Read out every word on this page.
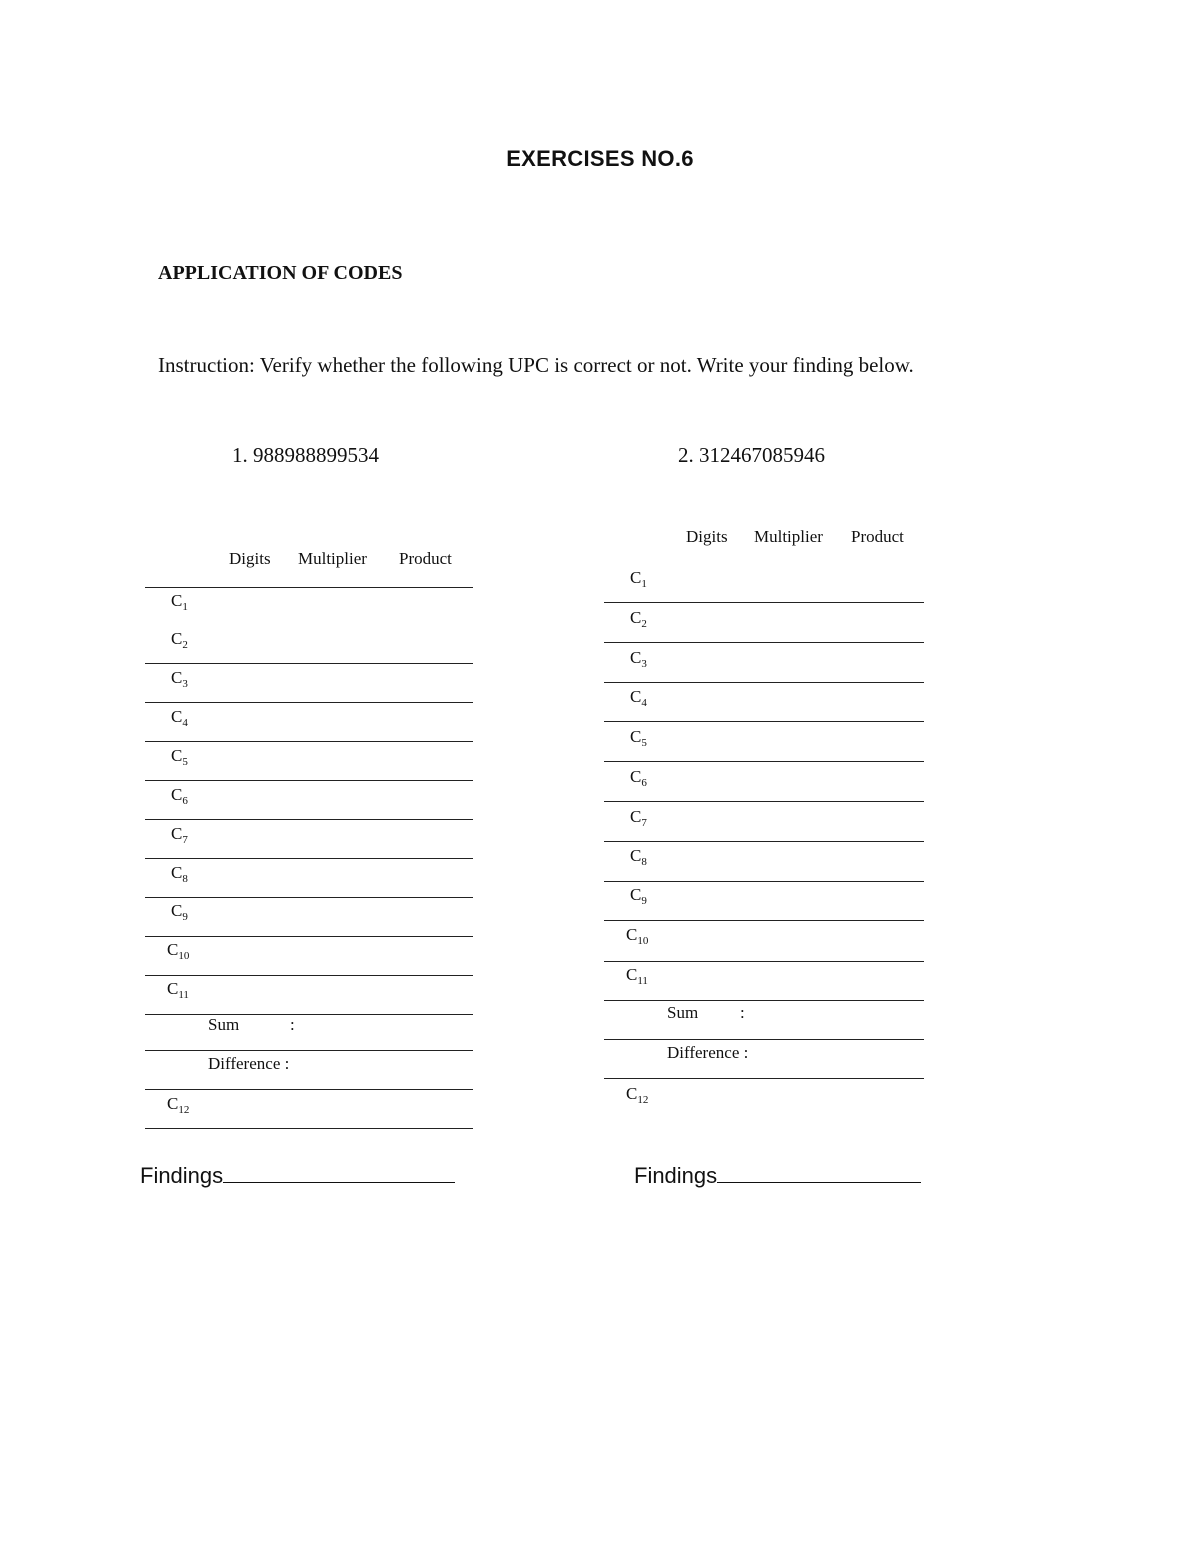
EXERCISES NO.6
APPLICATION OF CODES
Instruction: Verify whether the following UPC is correct or not. Write your finding below.
1. 988988899534	2. 312467085946
Digits Multiplier Product
$C_1$
$C_2$
$C_3$
$C_4$
$C_5$
$C_6$
$C_7$
$C_8$
$C_9$
$C_{10}$
$C_{11}$
Sum	:
Difference :
$C_{12}$
Digits Multiplier Product
$C_1$
$C_2$
$C_3$
$C_4$
$C_5$
$C_6$
$C_7$
$C_8$
$C_9$
$C_{10}$
$C_{11}$
Sum :
Difference :
$C_{12}$
Findings	Findings
